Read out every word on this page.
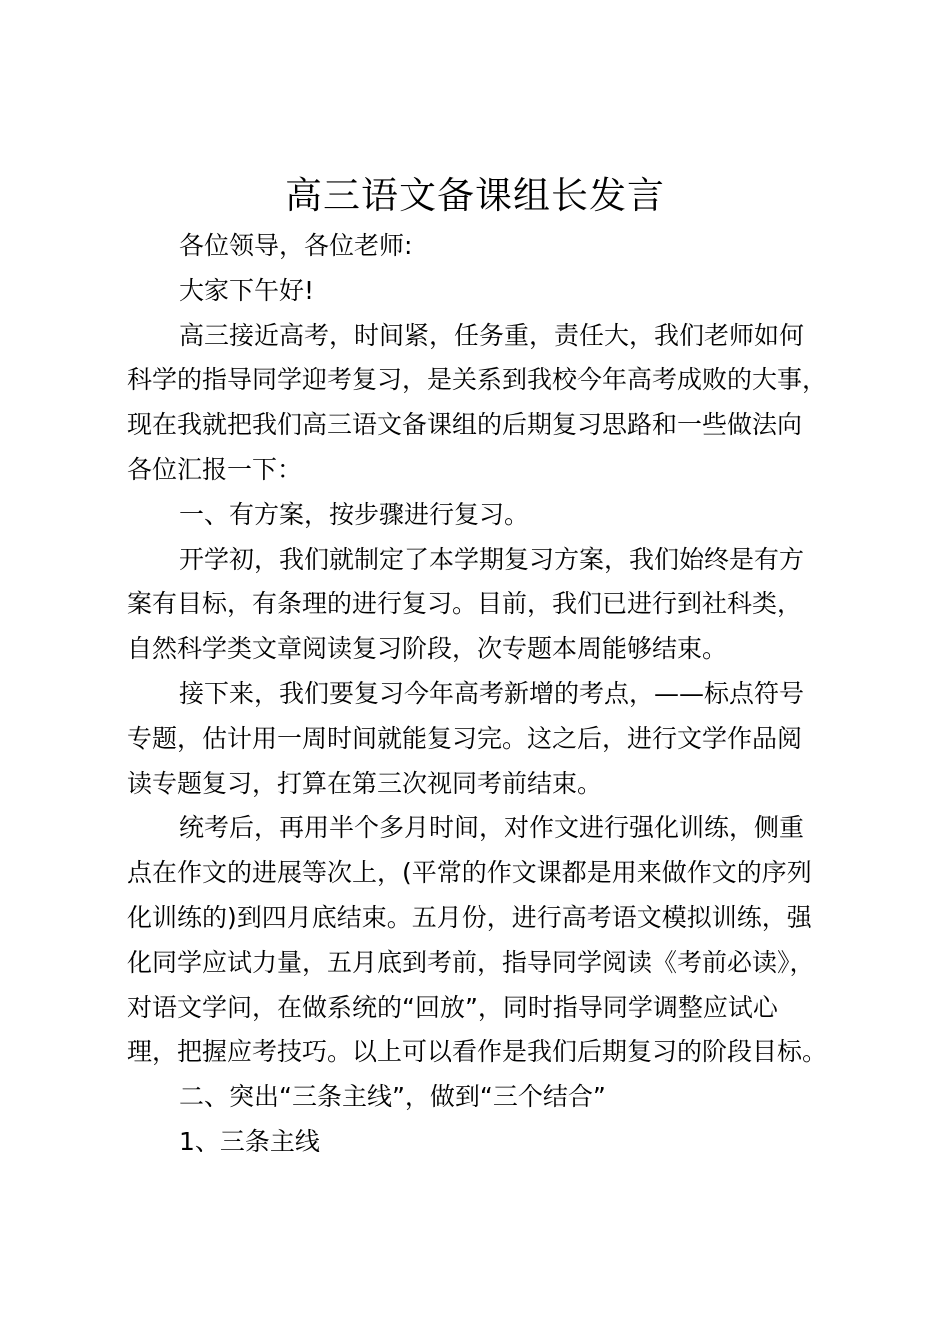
高三语文备课组长发言
各位领导，各位老师:
大家下午好!
高三接近高考，时间紧，任务重，责任大，我们老师如何
科学的指导同学迎考复习，是关系到我校今年高考成败的大事，
现在我就把我们高三语文备课组的后期复习思路和一些做法向
各位汇报一下：
一、有方案，按步骤进行复习。
开学初，我们就制定了本学期复习方案，我们始终是有方
案有目标，有条理的进行复习。目前，我们已进行到社科类，
自然科学类文章阅读复习阶段，次专题本周能够结束。
接下来，我们要复习今年高考新增的考点，——标点符号
专题，估计用一周时间就能复习完。这之后，进行文学作品阅
读专题复习，打算在第三次视同考前结束。
统考后，再用半个多月时间，对作文进行强化训练，侧重
点在作文的进展等次上，(平常的作文课都是用来做作文的序列
化训练的)到四月底结束。五月份，进行高考语文模拟训练，强
化同学应试力量，五月底到考前，指导同学阅读《考前必读》，
对语文学问，在做系统的“回放”，同时指导同学调整应试心
理，把握应考技巧。以上可以看作是我们后期复习的阶段目标。
二、突出“三条主线”，做到“三个结合”
1、三条主线
